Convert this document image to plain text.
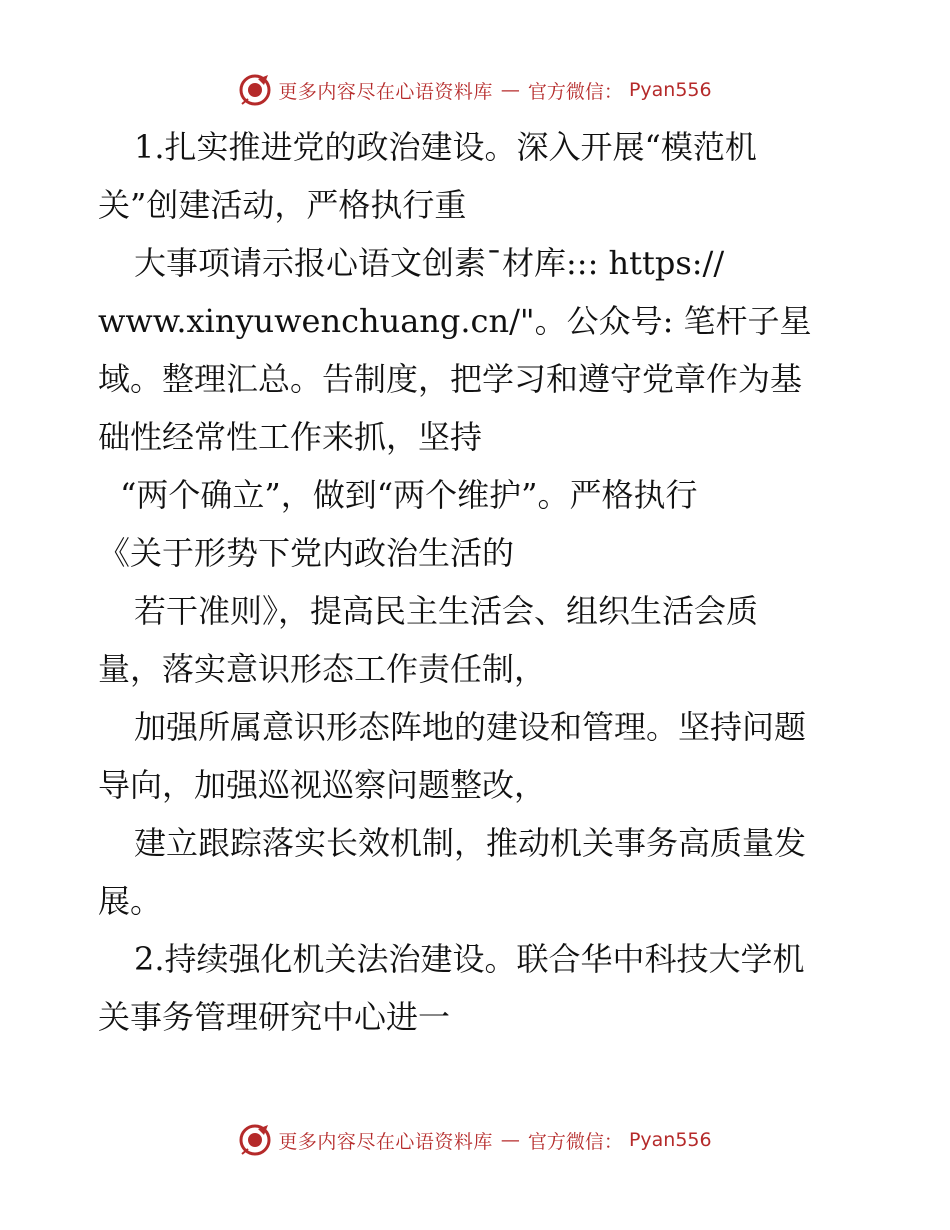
更多内容尽在心语资料库 — 官方微信： Pyan556
1.扎实推进党的政治建设。深入开展“模范机
关”创建活动，严格执行重
大事项请示报心语文创素¯材库::: https://
www.xinyuwenchuang.cn/"。公众号: 笔杆子星
域。整理汇总。告制度，把学习和遵守党章作为基
础性经常性工作来抓，坚持
“两个确立”，做到“两个维护”。严格执行
《关于形势下党内政治生活的
若干准则》，提高民主生活会、组织生活会质
量，落实意识形态工作责任制，
加强所属意识形态阵地的建设和管理。坚持问题
导向，加强巡视巡察问题整改，
建立跟踪落实长效机制，推动机关事务高质量发
展。
2.持续强化机关法治建设。联合华中科技大学机
关事务管理研究中心进一
更多内容尽在心语资料库 — 官方微信： Pyan556
